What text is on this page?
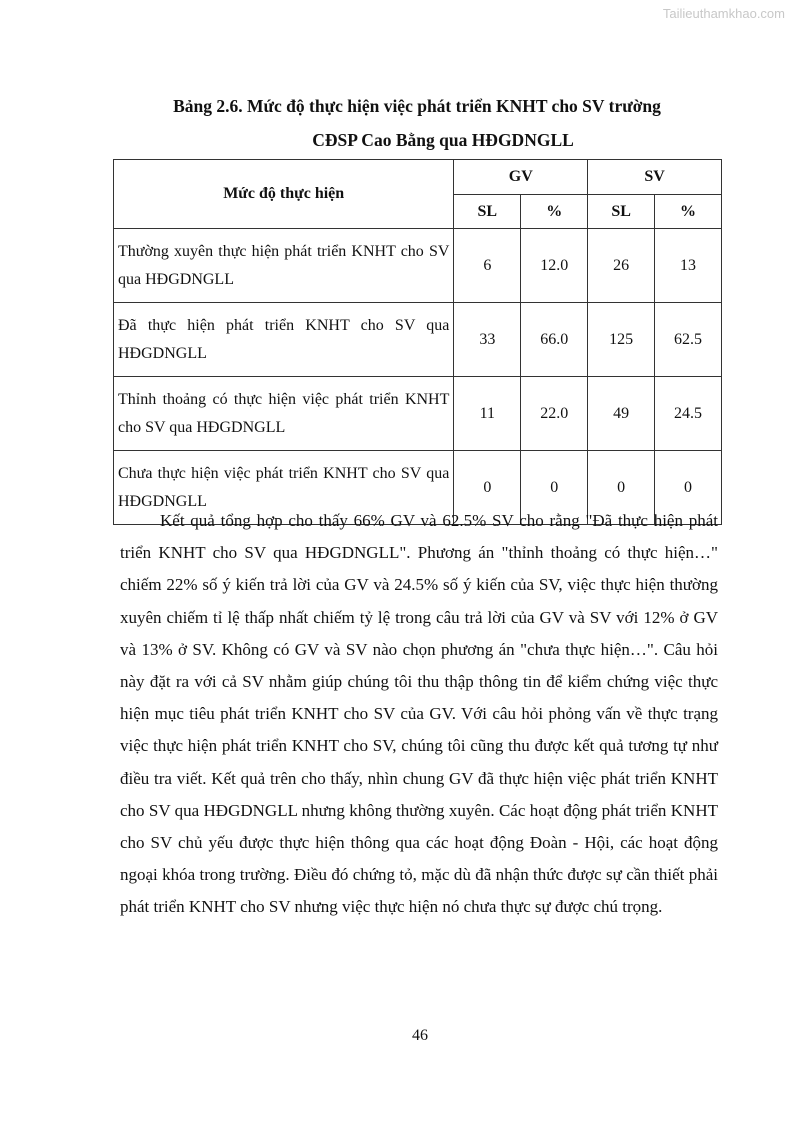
Tailieuthamkhao.com
Bảng 2.6. Mức độ thực hiện việc phát triển KNHT cho SV trường
CĐSP Cao Bằng qua HĐGDNGLL
Mức độ thực hiện	GV		SV	
	SL	%	SL	%
Thường xuyên thực hiện phát triển KNHT cho SV qua HĐGDNGLL	6	12.0	26	13
Đã thực hiện phát triển KNHT cho SV qua HĐGDNGLL	33	66.0	125	62.5
Thỉnh thoảng có thực hiện việc phát triển KNHT cho SV qua HĐGDNGLL	11	22.0	49	24.5
Chưa thực hiện việc phát triển KNHT cho SV qua HĐGDNGLL	0	0	0	0

Kết quả tổng hợp cho thấy 66% GV và 62.5% SV cho rằng "Đã thực hiện phát triển KNHT cho SV qua HĐGDNGLL". Phương án "thỉnh thoảng có thực hiện…" chiếm 22% số ý kiến trả lời của GV và 24.5% số ý kiến của SV, việc thực hiện thường xuyên chiếm tỉ lệ thấp nhất chiếm tỷ lệ trong câu trả lời của GV và SV với 12% ở GV và 13% ở SV. Không có GV và SV nào chọn phương án "chưa thực hiện…". Câu hỏi này đặt ra với cả SV nhằm giúp chúng tôi thu thập thông tin để kiểm chứng việc thực hiện mục tiêu phát triển KNHT cho SV của GV. Với câu hỏi phỏng vấn về thực trạng việc thực hiện phát triển KNHT cho SV, chúng tôi cũng thu được kết quả tương tự như điều tra viết. Kết quả trên cho thấy, nhìn chung GV đã thực hiện việc phát triển KNHT cho SV qua HĐGDNGLL nhưng không thường xuyên. Các hoạt động phát triển KNHT cho SV chủ yếu được thực hiện thông qua các hoạt động Đoàn - Hội, các hoạt động ngoại khóa trong trường. Điều đó chứng tỏ, mặc dù đã nhận thức được sự cần thiết phải phát triển KNHT cho SV nhưng việc thực hiện nó chưa thực sự được chú trọng.

46
